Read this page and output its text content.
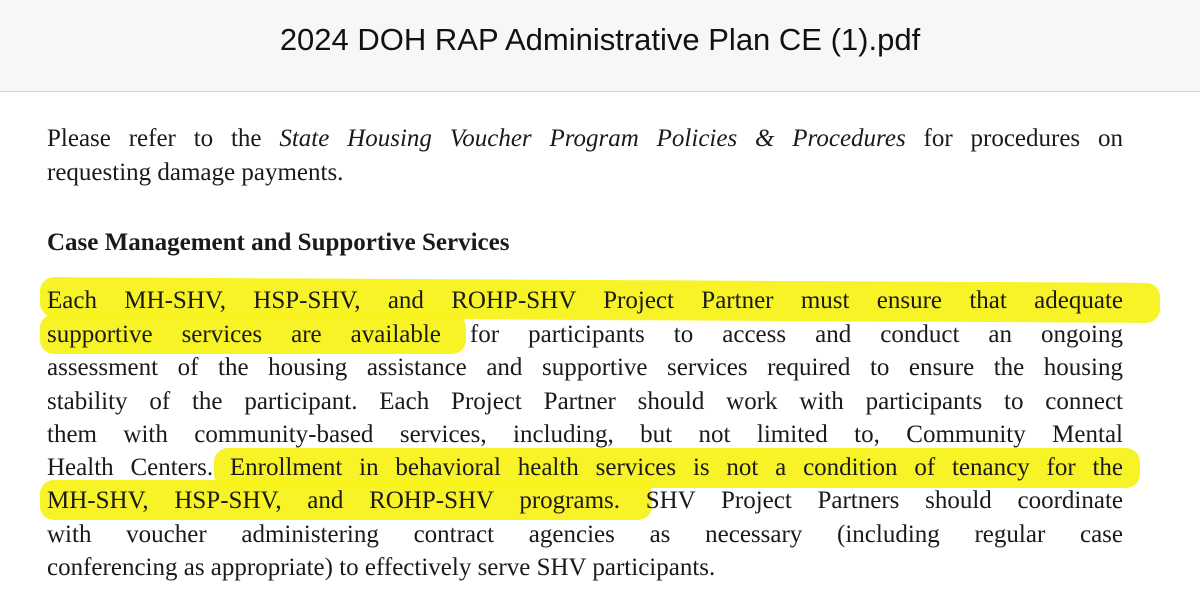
2024 DOH RAP Administrative Plan CE (1).pdf
Please refer to the State Housing Voucher Program Policies & Procedures for procedures on
requesting damage payments.
Case Management and Supportive Services
Each MH-SHV, HSP-SHV, and ROHP-SHV Project Partner must ensure that adequate
supportive services are available for participants to access and conduct an ongoing
assessment of the housing assistance and supportive services required to ensure the housing
stability of the participant. Each Project Partner should work with participants to connect
them with community-based services, including, but not limited to, Community Mental
Health Centers. Enrollment in behavioral health services is not a condition of tenancy for the
MH-SHV, HSP-SHV, and ROHP-SHV programs. SHV Project Partners should coordinate
with voucher administering contract agencies as necessary (including regular case
conferencing as appropriate) to effectively serve SHV participants.
